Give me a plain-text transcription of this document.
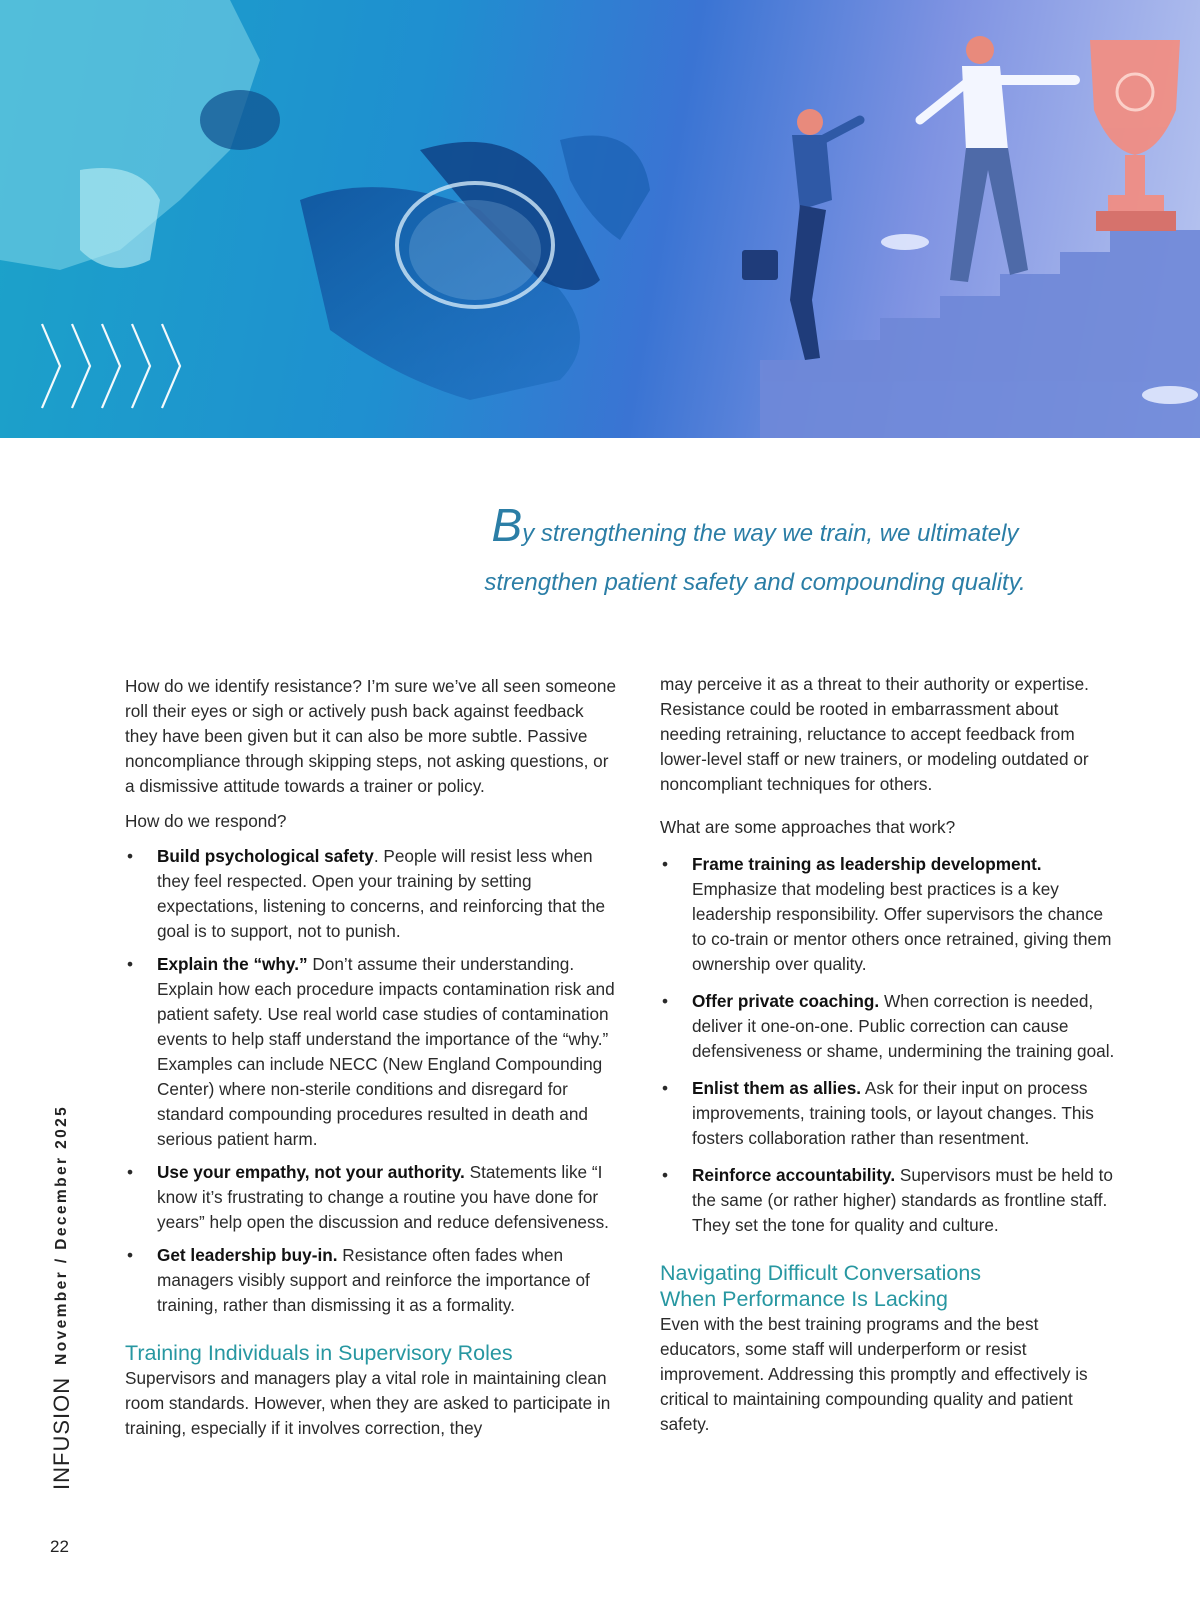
By strengthening the way we train, we ultimately
strengthen patient safety and compounding quality.

How do we identify resistance? I’m sure we’ve all seen someone roll their eyes or sigh or actively push back against feedback they have been given but it can also be more subtle. Passive noncompliance through skipping steps, not asking questions, or a dismissive attitude towards a trainer or policy.

How do we respond?

• Build psychological safety. People will resist less when they feel respected. Open your training by setting expectations, listening to concerns, and reinforcing that the goal is to support, not to punish.
• Explain the “why.” Don’t assume their understanding. Explain how each procedure impacts contamination risk and patient safety. Use real world case studies of contamination events to help staff understand the importance of the “why.” Examples can include NECC (New England Compounding Center) where non-sterile conditions and disregard for standard compounding procedures resulted in death and serious patient harm.
• Use your empathy, not your authority. Statements like “I know it’s frustrating to change a routine you have done for years” help open the discussion and reduce defensiveness.
• Get leadership buy-in. Resistance often fades when managers visibly support and reinforce the importance of training, rather than dismissing it as a formality.
Training Individuals in Supervisory Roles

Supervisors and managers play a vital role in maintaining clean room standards. However, when they are asked to participate in training, especially if it involves correction, they

may perceive it as a threat to their authority or expertise. Resistance could be rooted in embarrassment about needing retraining, reluctance to accept feedback from lower-level staff or new trainers, or modeling outdated or noncompliant techniques for others.

What are some approaches that work?

• Frame training as leadership development. Emphasize that modeling best practices is a key leadership responsibility. Offer supervisors the chance to co-train or mentor others once retrained, giving them ownership over quality.
• Offer private coaching. When correction is needed, deliver it one-on-one. Public correction can cause defensiveness or shame, undermining the training goal.
• Enlist them as allies. Ask for their input on process improvements, training tools, or layout changes. This fosters collaboration rather than resentment.
• Reinforce accountability. Supervisors must be held to the same (or rather higher) standards as frontline staff. They set the tone for quality and culture.
Navigating Difficult Conversations
When Performance Is Lacking

Even with the best training programs and the best educators, some staff will underperform or resist improvement. Addressing this promptly and effectively is critical to maintaining compounding quality and patient safety.

INFUSION
November / December 2025
22
